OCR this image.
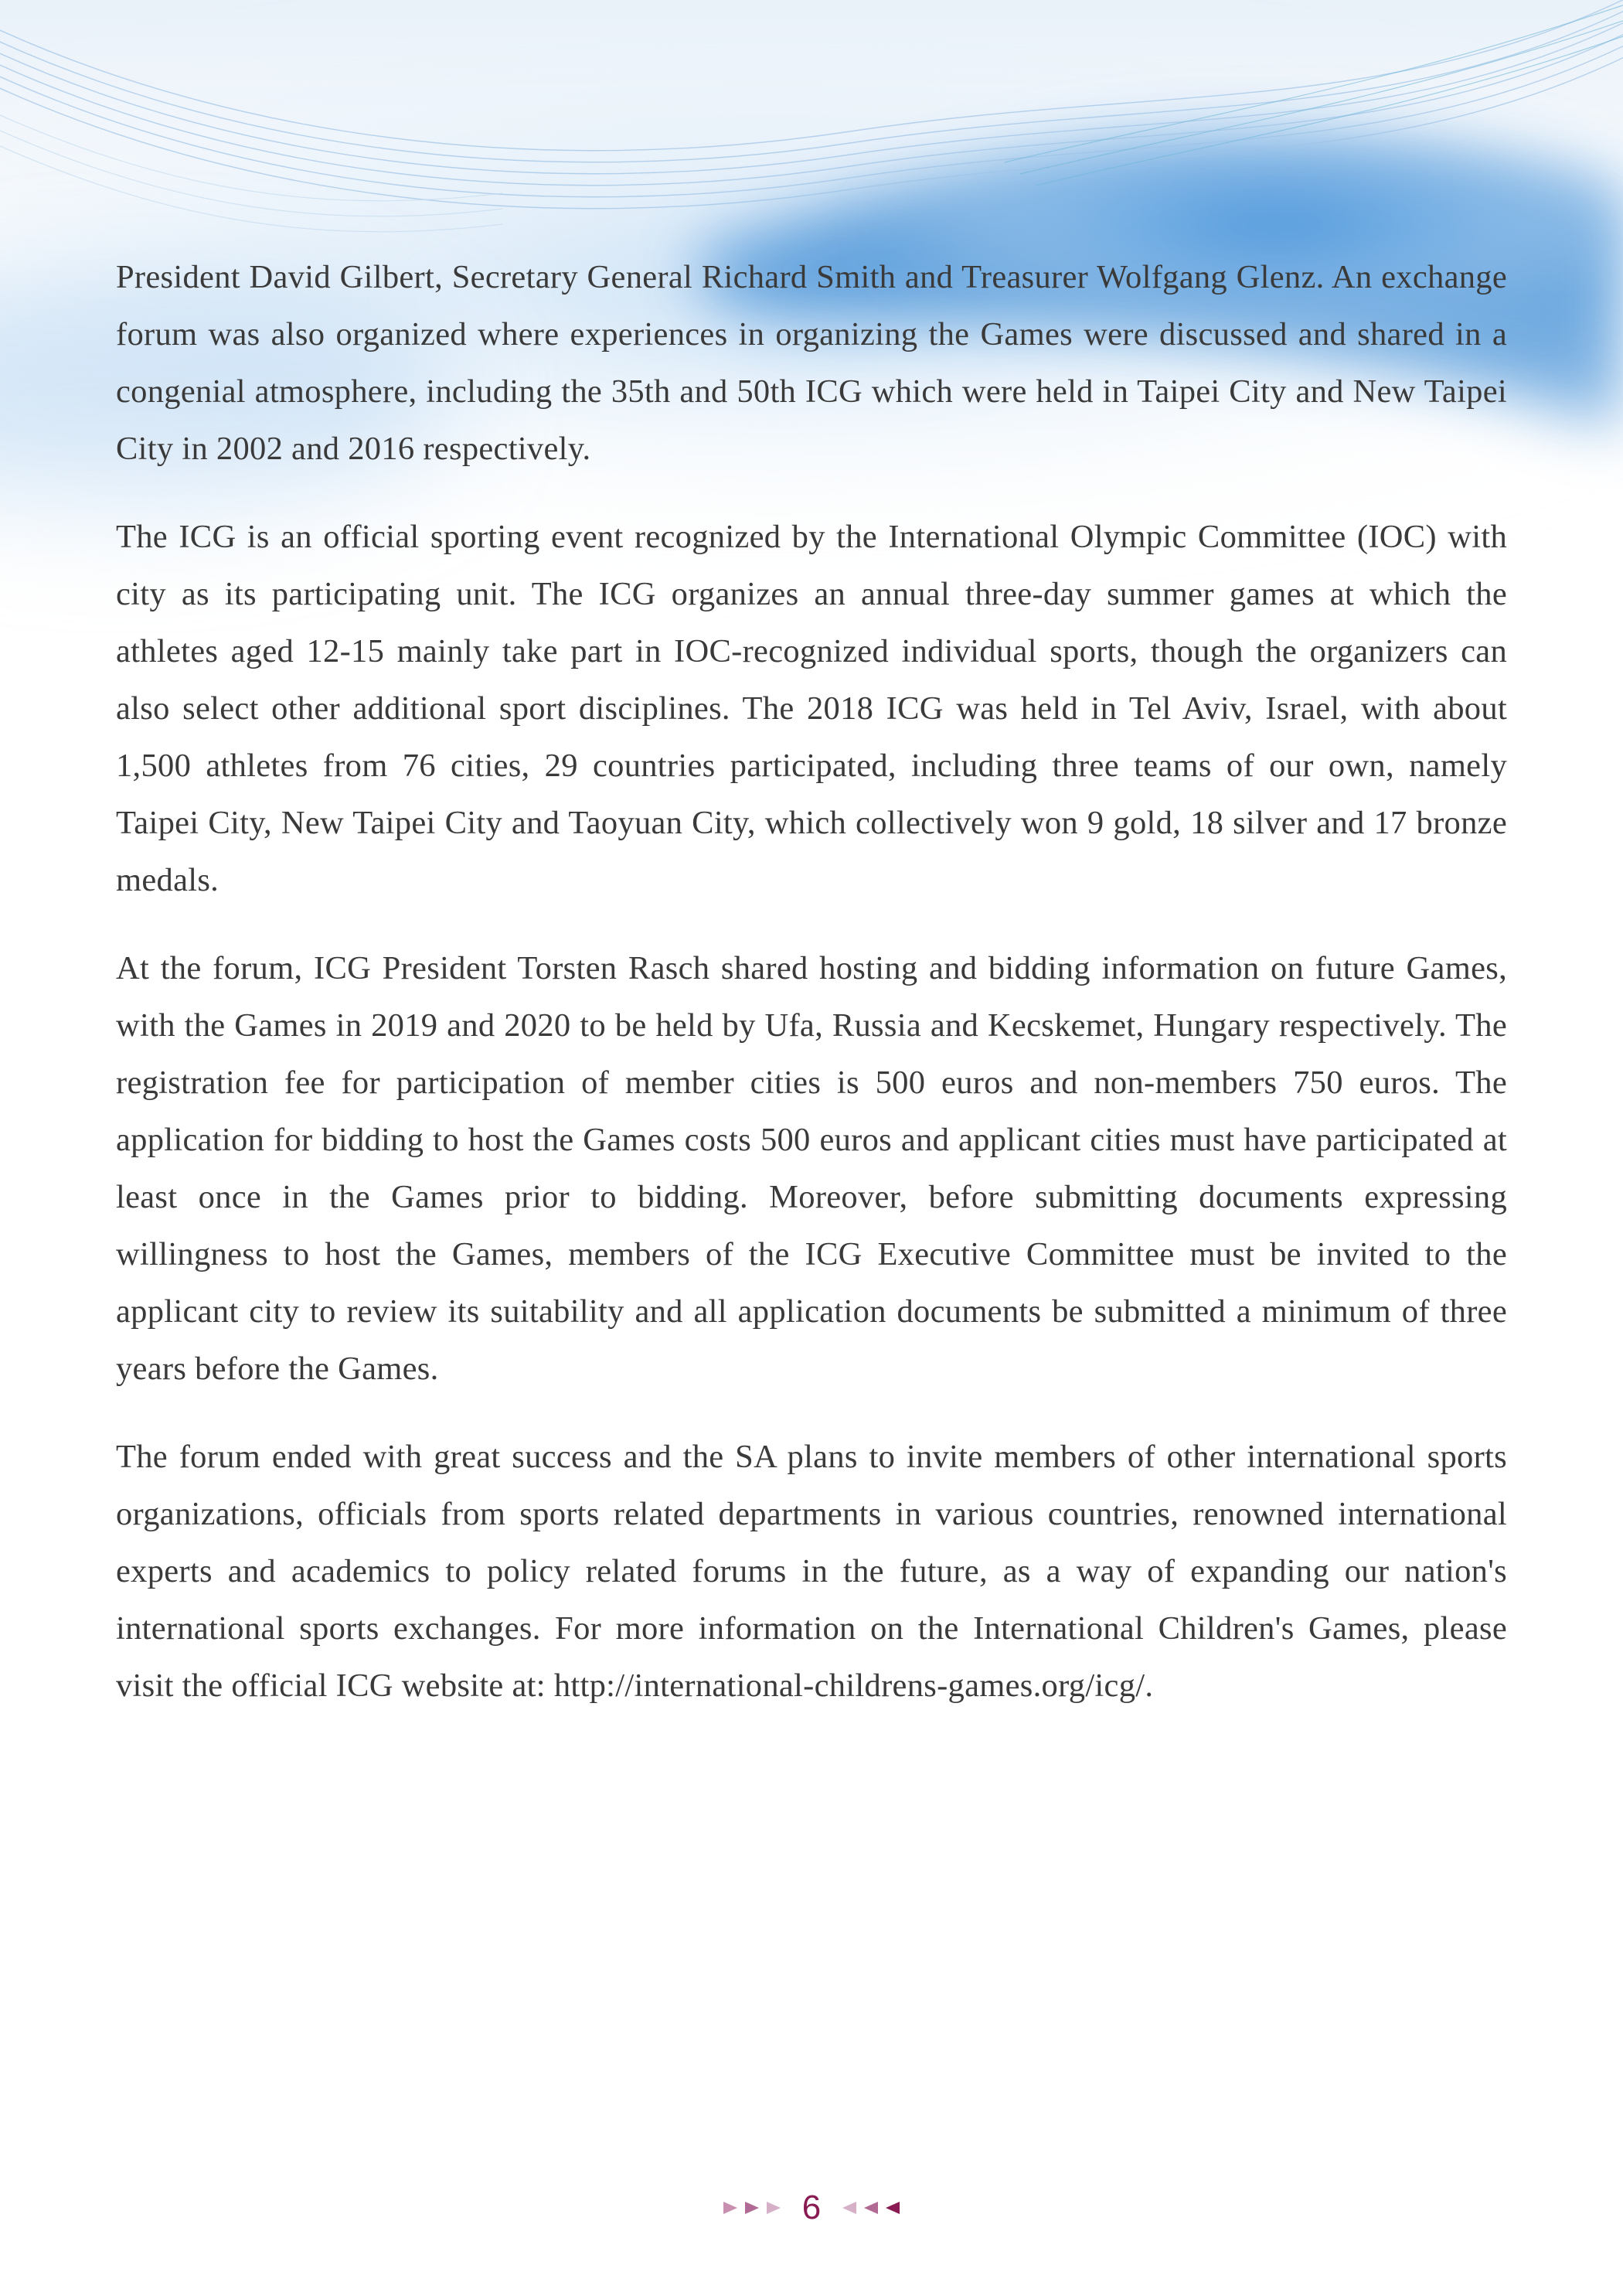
President David Gilbert, Secretary General Richard Smith and Treasurer Wolfgang Glenz. An exchange forum was also organized where experiences in organizing the Games were discussed and shared in a congenial atmosphere, including the 35th and 50th ICG which were held in Taipei City and New Taipei City in 2002 and 2016 respectively.

The ICG is an official sporting event recognized by the International Olympic Committee (IOC) with city as its participating unit. The ICG organizes an annual three-day summer games at which the athletes aged 12-15 mainly take part in IOC-recognized individual sports, though the organizers can also select other additional sport disciplines. The 2018 ICG was held in Tel Aviv, Israel, with about 1,500 athletes from 76 cities, 29 countries participated, including three teams of our own, namely Taipei City, New Taipei City and Taoyuan City, which collectively won 9 gold, 18 silver and 17 bronze medals.

At the forum, ICG President Torsten Rasch shared hosting and bidding information on future Games, with the Games in 2019 and 2020 to be held by Ufa, Russia and Kecskemet, Hungary respectively. The registration fee for participation of member cities is 500 euros and non-members 750 euros. The application for bidding to host the Games costs 500 euros and applicant cities must have participated at least once in the Games prior to bidding. Moreover, before submitting documents expressing willingness to host the Games, members of the ICG Executive Committee must be invited to the applicant city to review its suitability and all application documents be submitted a minimum of three years before the Games.

The forum ended with great success and the SA plans to invite members of other international sports organizations, officials from sports related departments in various countries, renowned international experts and academics to policy related forums in the future, as a way of expanding our nation's international sports exchanges. For more information on the International Children's Games, please visit the official ICG website at: http://international-childrens-games.org/icg/.

6
